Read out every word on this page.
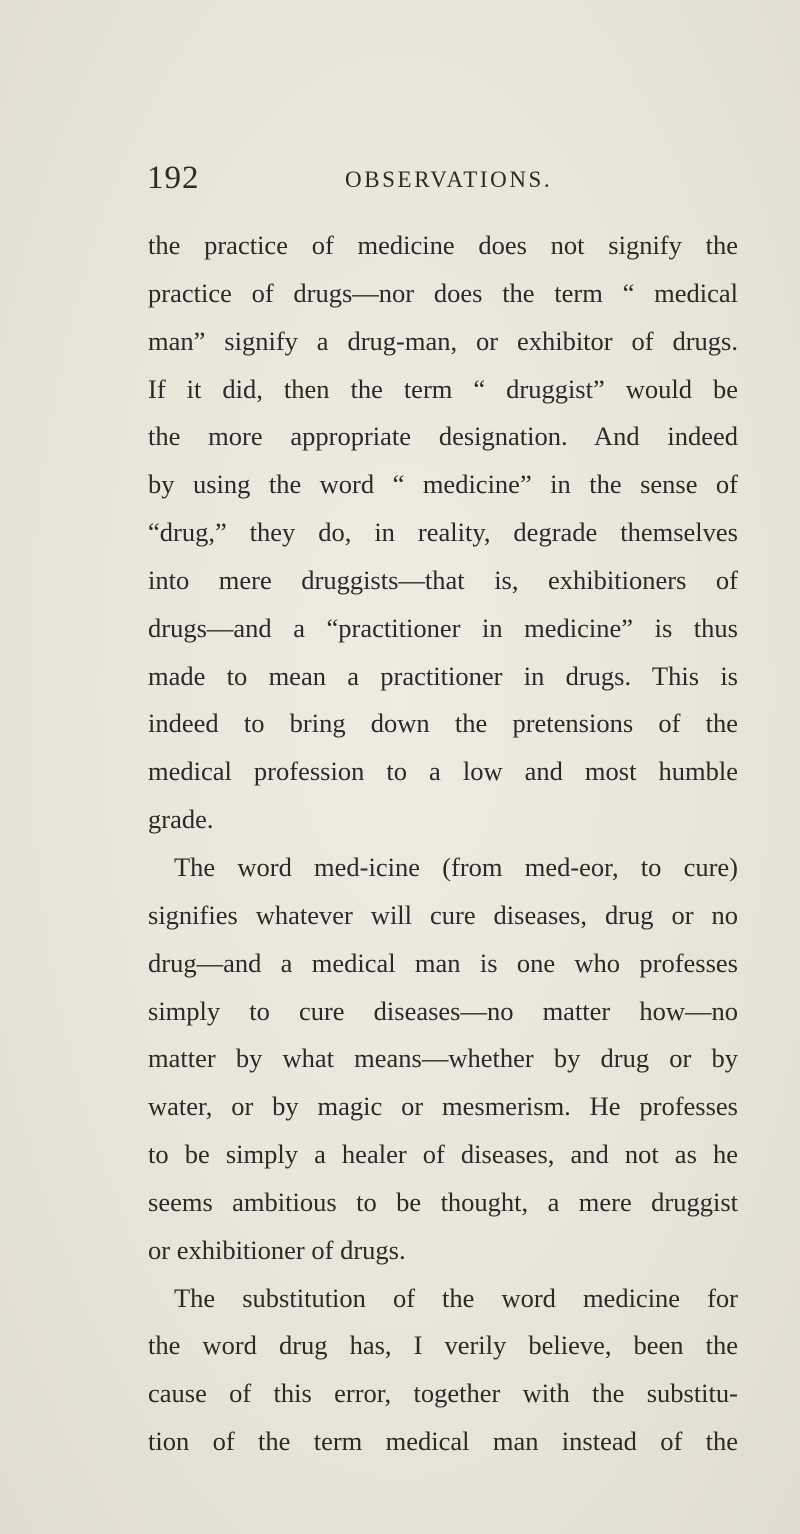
192	OBSERVATIONS.
the practice of medicine does not signify the
practice of drugs—nor does the term “ medical
man” signify a drug-man, or exhibitor of drugs.
If it did, then the term “ druggist” would be
the more appropriate designation. And indeed
by using the word “ medicine” in the sense of
“drug,” they do, in reality, degrade themselves
into mere druggists—that is, exhibitioners of
drugs—and a “practitioner in medicine” is thus
made to mean a practitioner in drugs. This is
indeed to bring down the pretensions of the
medical profession to a low and most humble
grade.
The word med-icine (from med-eor, to cure)
signifies whatever will cure diseases, drug or no
drug—and a medical man is one who professes
simply to cure diseases—no matter how—no
matter by what means—whether by drug or by
water, or by magic or mesmerism. He professes
to be simply a healer of diseases, and not as he
seems ambitious to be thought, a mere druggist
or exhibitioner of drugs.
The substitution of the word medicine for
the word drug has, I verily believe, been the
cause of this error, together with the substitu-
tion of the term medical man instead of the
